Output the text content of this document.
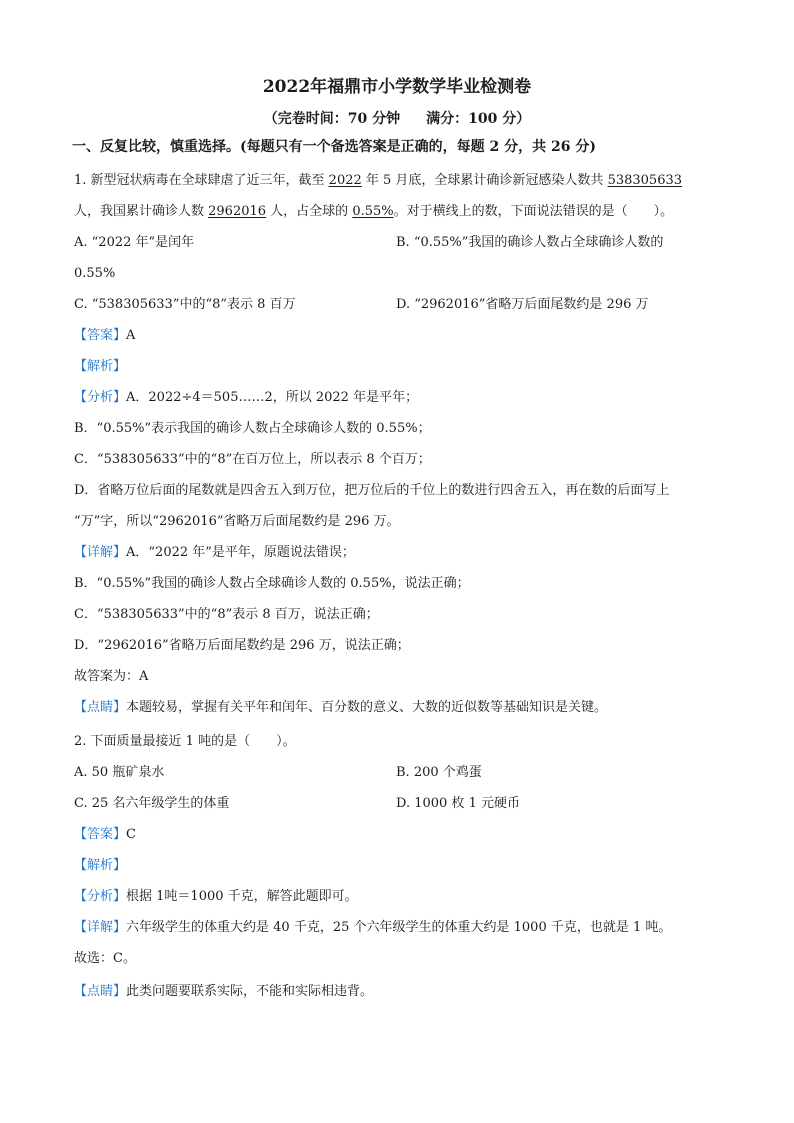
2022年福鼎市小学数学毕业检测卷
（完卷时间：70 分钟 满分：100 分）
一、反复比较，慎重选择。(每题只有一个备选答案是正确的，每题 2 分，共 26 分)
1. 新型冠状病毒在全球肆虐了近三年，截至 2022 年 5 月底，全球累计确诊新冠感染人数共 538305633
人，我国累计确诊人数 2962016 人，占全球的 0.55%。对于横线上的数，下面说法错误的是（　　）。
A. “2022 年”是闰年	B. “0.55%”我国的确诊人数占全球确诊人数的
0.55%
C. “538305633”中的“8”表示 8 百万	D. “2962016”省略万后面尾数约是 296 万
【答案】A
【解析】
【分析】A．2022÷4＝505……2，所以 2022 年是平年；
B．“0.55%”表示我国的确诊人数占全球确诊人数的 0.55%；
C．“538305633”中的“8”在百万位上，所以表示 8 个百万；
D．省略万位后面的尾数就是四舍五入到万位，把万位后的千位上的数进行四舍五入，再在数的后面写上
“万”字，所以“2962016”省略万后面尾数约是 296 万。
【详解】A．“2022 年”是平年，原题说法错误；
B．“0.55%”我国的确诊人数占全球确诊人数的 0.55%，说法正确；
C．“538305633”中的“8”表示 8 百万，说法正确；
D．“2962016”省略万后面尾数约是 296 万，说法正确；
故答案为：A
【点睛】本题较易，掌握有关平年和闰年、百分数的意义、大数的近似数等基础知识是关键。
2. 下面质量最接近 1 吨的是（　　）。
A. 50 瓶矿泉水	B. 200 个鸡蛋
C. 25 名六年级学生的体重	D. 1000 枚 1 元硬币
【答案】C
【解析】
【分析】根据 1吨＝1000 千克，解答此题即可。
【详解】六年级学生的体重大约是 40 千克，25 个六年级学生的体重大约是 1000 千克，也就是 1 吨。
故选：C。
【点睛】此类问题要联系实际，不能和实际相违背。
